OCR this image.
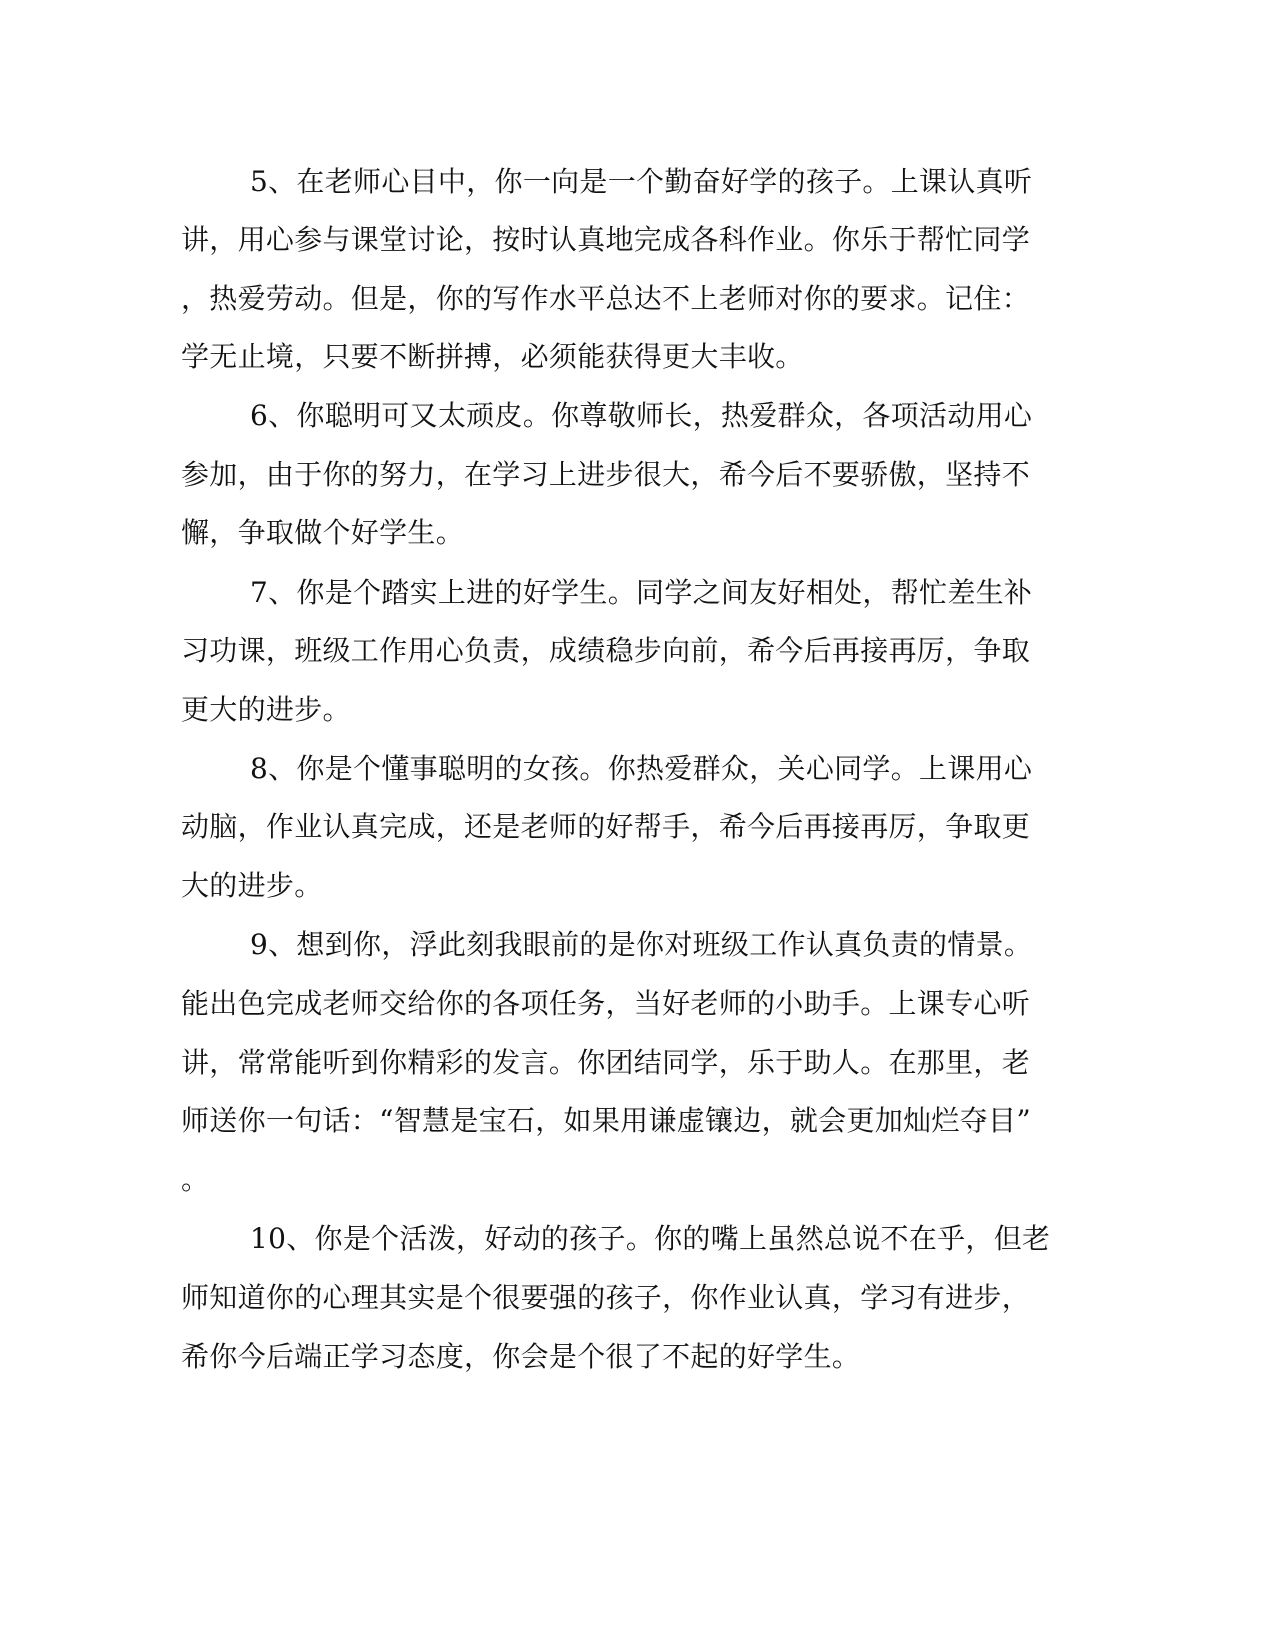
5、在老师心目中，你一向是一个勤奋好学的孩子。上课认真听

讲，用心参与课堂讨论，按时认真地完成各科作业。你乐于帮忙同学

，热爱劳动。但是，你的写作水平总达不上老师对你的要求。记住：

学无止境，只要不断拼搏，必须能获得更大丰收。

6、你聪明可又太顽皮。你尊敬师长，热爱群众，各项活动用心

参加，由于你的努力，在学习上进步很大，希今后不要骄傲，坚持不

懈，争取做个好学生。

7、你是个踏实上进的好学生。同学之间友好相处，帮忙差生补

习功课，班级工作用心负责，成绩稳步向前，希今后再接再厉，争取

更大的进步。

8、你是个懂事聪明的女孩。你热爱群众，关心同学。上课用心

动脑，作业认真完成，还是老师的好帮手，希今后再接再厉，争取更

大的进步。

9、想到你，浮此刻我眼前的是你对班级工作认真负责的情景。

能出色完成老师交给你的各项任务，当好老师的小助手。上课专心听

讲，常常能听到你精彩的发言。你团结同学，乐于助人。在那里，老

师送你一句话：“智慧是宝石，如果用谦虚镶边，就会更加灿烂夺目”

。

10、你是个活泼，好动的孩子。你的嘴上虽然总说不在乎，但老

师知道你的心理其实是个很要强的孩子，你作业认真，学习有进步，

希你今后端正学习态度，你会是个很了不起的好学生。
